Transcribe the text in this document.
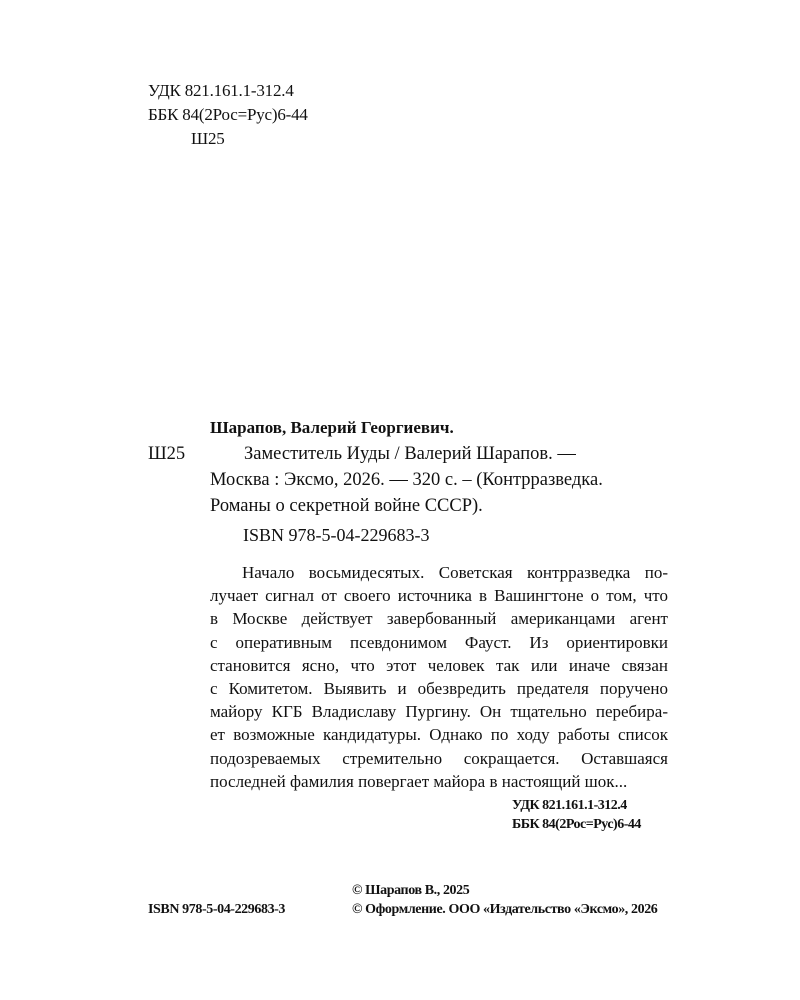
УДК 821.161.1-312.4
ББК 84(2Рос=Рус)6-44
Ш25
Шарапов, Валерий Георгиевич.
Ш25	Заместитель Иуды / Валерий Шарапов. —
Москва : Эксмо, 2026. — 320 с. – (Контрразведка.
Романы о секретной войне СССР).
ISBN 978-5-04-229683-3
Начало восьмидесятых. Советская контрразведка по-
лучает сигнал от своего источника в Вашингтоне о том, что
в Москве действует завербованный американцами агент
с оперативным псевдонимом Фауст. Из ориентировки
становится ясно, что этот человек так или иначе связан
с Комитетом. Выявить и обезвредить предателя поручено
майору КГБ Владиславу Пургину. Он тщательно перебира-
ет возможные кандидатуры. Однако по ходу работы список
подозреваемых стремительно сокращается. Оставшаяся
последней фамилия повергает майора в настоящий шок...
УДК 821.161.1-312.4
ББК 84(2Рос=Рус)6-44
© Шарапов В., 2025
ISBN 978-5-04-229683-3	© Оформление. ООО «Издательство «Эксмо», 2026
